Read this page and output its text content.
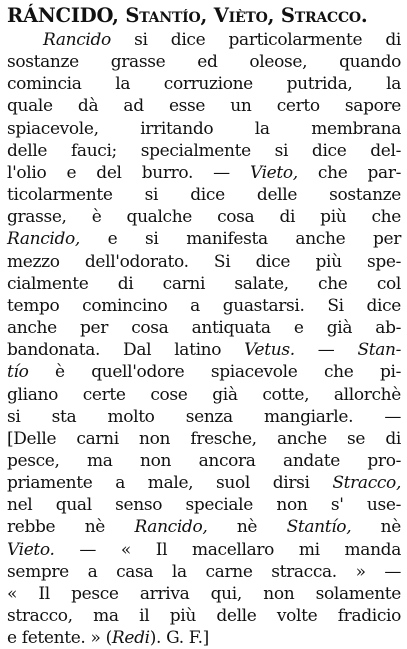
RÁNCIDO, Stantío, Vièto, Stracco.
Rancido si dice particolarmente di
sostanze grasse ed oleose, quando
comincia la corruzione putrida, la
quale dà ad esse un certo sapore
spiacevole, irritando la membrana
delle fauci; specialmente si dice del-
l'olio e del burro. — Vieto, che par-
ticolarmente si dice delle sostanze
grasse, è qualche cosa di più che
Rancido, e si manifesta anche per
mezzo dell'odorato. Si dice più spe-
cialmente di carni salate, che col
tempo comincino a guastarsi. Si dice
anche per cosa antiquata e già ab-
bandonata. Dal latino Vetus. — Stan-
tío è quell'odore spiacevole che pi-
gliano certe cose già cotte, allorchè
si sta molto senza mangiarle. —
[Delle carni non fresche, anche se di
pesce, ma non ancora andate pro-
priamente a male, suol dirsi Stracco,
nel qual senso speciale non s' use-
rebbe nè Rancido, nè Stantío, nè
Vieto. — « Il macellaro mi manda
sempre a casa la carne stracca. » —
« Il pesce arriva qui, non solamente
stracco, ma il più delle volte fradicio
e fetente. » (Redi). G. F.]
